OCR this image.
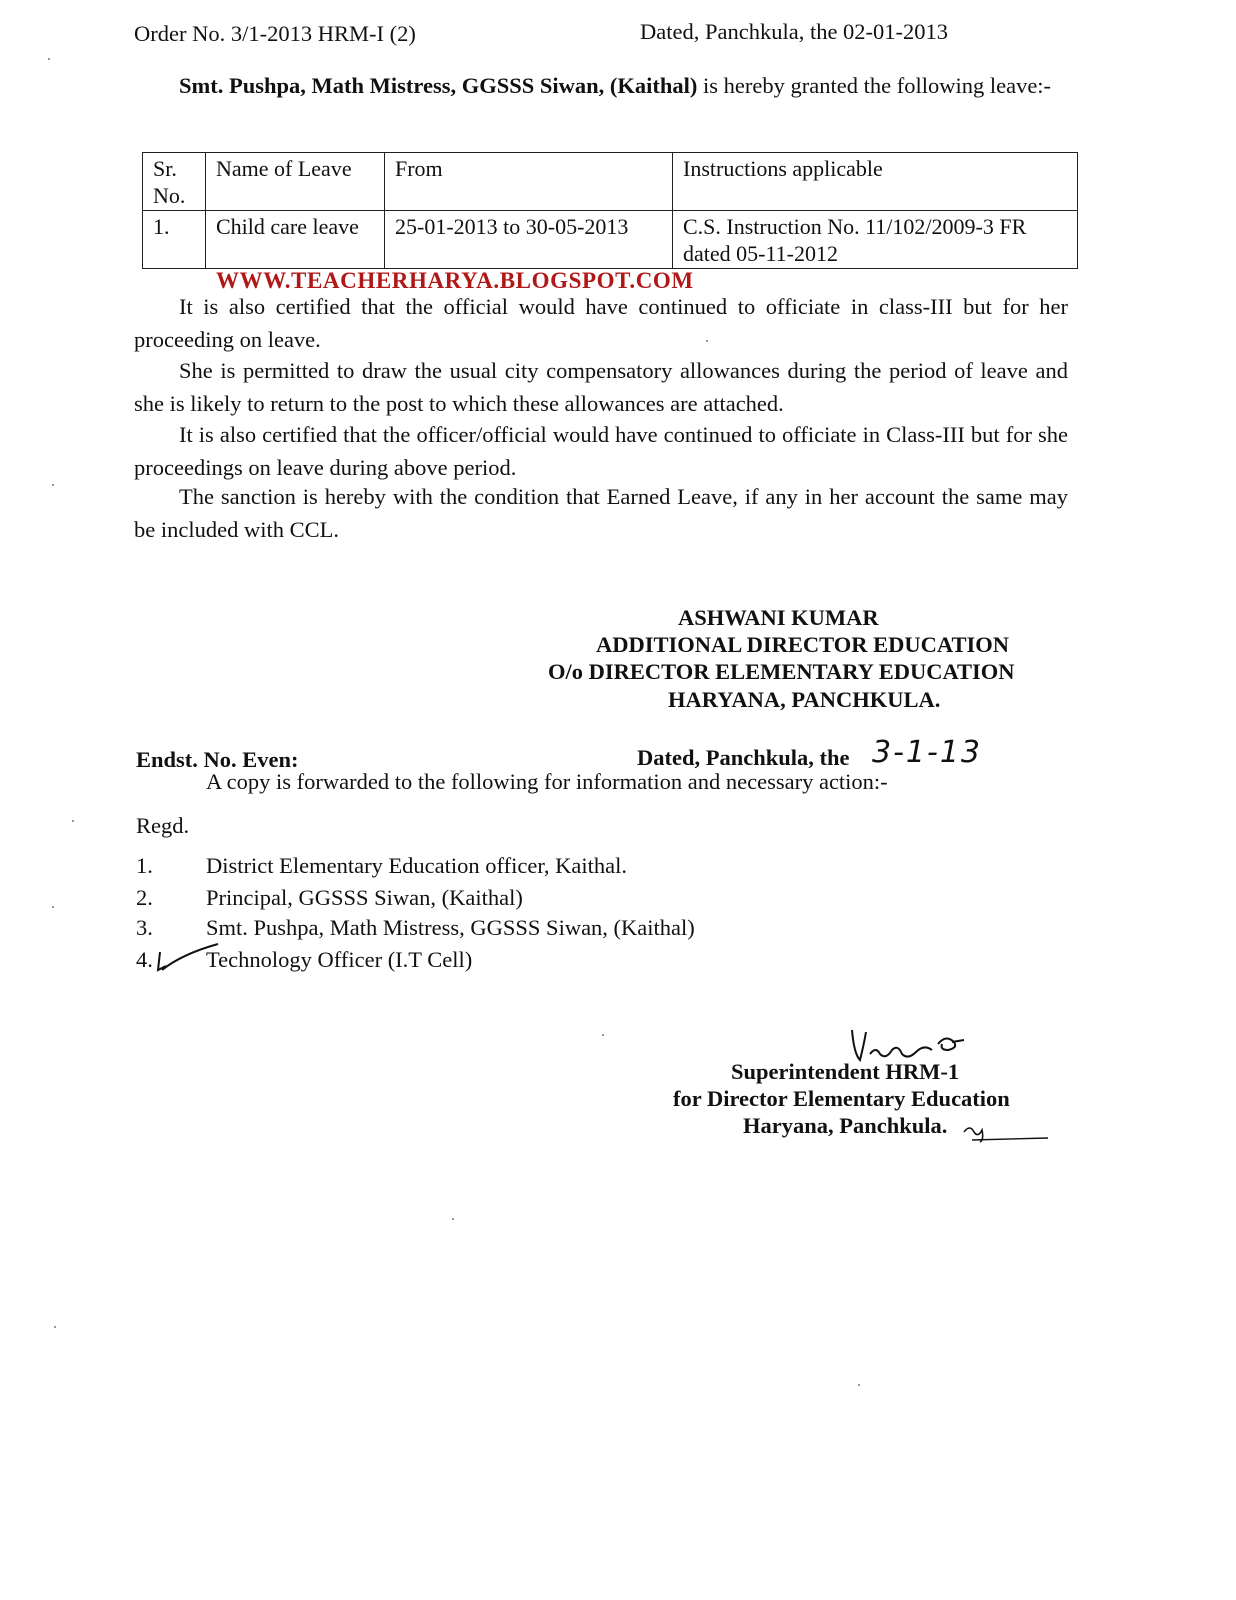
Order No. 3/1-2013 HRM-I (2)	Dated, Panchkula, the 02-01-2013
Smt. Pushpa, Math Mistress, GGSSS Siwan, (Kaithal) is hereby granted the following leave:-
Sr. No.	Name of Leave	From	Instructions applicable
1.	Child care leave	25-01-2013 to 30-05-2013	C.S. Instruction No. 11/102/2009-3 FR dated 05-11-2012
WWW.TEACHERHARYA.BLOGSPOT.COM
It is also certified that the official would have continued to officiate in class-III but for her proceeding on leave.
She is permitted to draw the usual city compensatory allowances during the period of leave and she is likely to return to the post to which these allowances are attached.
It is also certified that the officer/official would have continued to officiate in Class-III but for she proceedings on leave during above period.
The sanction is hereby with the condition that Earned Leave, if any in her account the same may be included with CCL.
ASHWANI KUMAR
ADDITIONAL DIRECTOR EDUCATION
O/o DIRECTOR ELEMENTARY EDUCATION
HARYANA, PANCHKULA.
Endst. No. Even:	Dated, Panchkula, the 3-1-13
A copy is forwarded to the following for information and necessary action:-
Regd.
1. District Elementary Education officer, Kaithal.
2. Principal, GGSSS Siwan, (Kaithal)
3. Smt. Pushpa, Math Mistress, GGSSS Siwan, (Kaithal)
4. Technology Officer (I.T Cell)
Superintendent HRM-1
for Director Elementary Education
Haryana, Panchkula.
